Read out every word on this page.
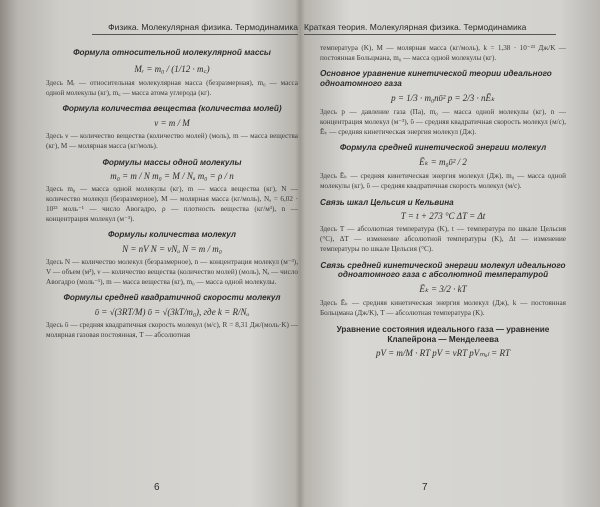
Физика. Молекулярная физика. Термодинамика
Формула относительной молекулярной массы
Mᵣ = m₀ / (1/12 · m꜀)
Здесь Mᵣ — относительная молекулярная масса (безразмерная), m₀ — масса одной молекулы (кг), m꜀ — масса атома углерода (кг).
Формула количества вещества (количества молей)
ν = m / M
Здесь ν — количество вещества (количество молей) (моль), m — масса вещества (кг), M — молярная масса (кг/моль).
Формулы массы одной молекулы
m₀ = m / N m₀ = M / Nₐ m₀ = ρ / n
Здесь m₀ — масса одной молекулы (кг), m — масса вещества (кг), N — количество молекул (безразмерное), M — молярная масса (кг/моль), Nₐ = 6,02 · 10²³ моль⁻¹ — число Авогадро, ρ — плотность вещества (кг/м³), n — концентрация молекул (м⁻³).
Формулы количества молекул
N = nV N = νNₐ N = m / m₀
Здесь N — количество молекул (безразмерное), n — концентрация молекул (м⁻³), V — объем (м³), ν — количество вещества (количество молей) (моль), Nₐ — число Авогадро (моль⁻¹), m — масса вещества (кг), m₀ — масса одной молекулы.
Формулы средней квадратичной скорости молекул
ῡ = √(3RT/M) ῡ = √(3kT/m₀), где k = R/Nₐ
Здесь ῡ — средняя квадратичная скорость молекул (м/с), R = 8,31 Дж/(моль·K) — молярная газовая постоянная, T — абсолютная
6
Краткая теория. Молекулярная физика. Термодинамика
температура (K), M — молярная масса (кг/моль), k = 1,38 · 10⁻²³ Дж/K — постоянная Больцмана, m₀ — масса одной молекулы (кг).
Основное уравнение кинетической теории идеального одноатомного газа
p = 1/3 · m₀nῡ² p = 2/3 · nĒₖ
Здесь p — давление газа (Па), m₀ — масса одной молекулы (кг), n — концентрация молекул (м⁻³), ῡ — средняя квадратичная скорость молекул (м/с), Ēₖ — средняя кинетическая энергия молекул (Дж).
Формула средней кинетической энергии молекул
Ēₖ = m₀ῡ² / 2
Здесь Ēₖ — средняя кинетическая энергия молекул (Дж), m₀ — масса одной молекулы (кг), ῡ — средняя квадратичная скорость молекул (м/с).
Связь шкал Цельсия и Кельвина
T = t + 273 °C ΔT = Δt
Здесь T — абсолютная температура (K), t — температура по шкале Цельсия (°C), ΔT — изменение абсолютной температуры (K), Δt — изменение температуры по шкале Цельсия (°C).
Связь средней кинетической энергии молекул идеального одноатомного газа с абсолютной температурой
Ēₖ = 3/2 · kT
Здесь Ēₖ — средняя кинетическая энергия молекул (Дж), k — постоянная Больцмана (Дж/K), T — абсолютная температура (K).
Уравнение состояния идеального газа — уравнение Клапейрона — Менделеева
pV = m/M · RT pV = νRT pVₘₒₗ = RT
7
